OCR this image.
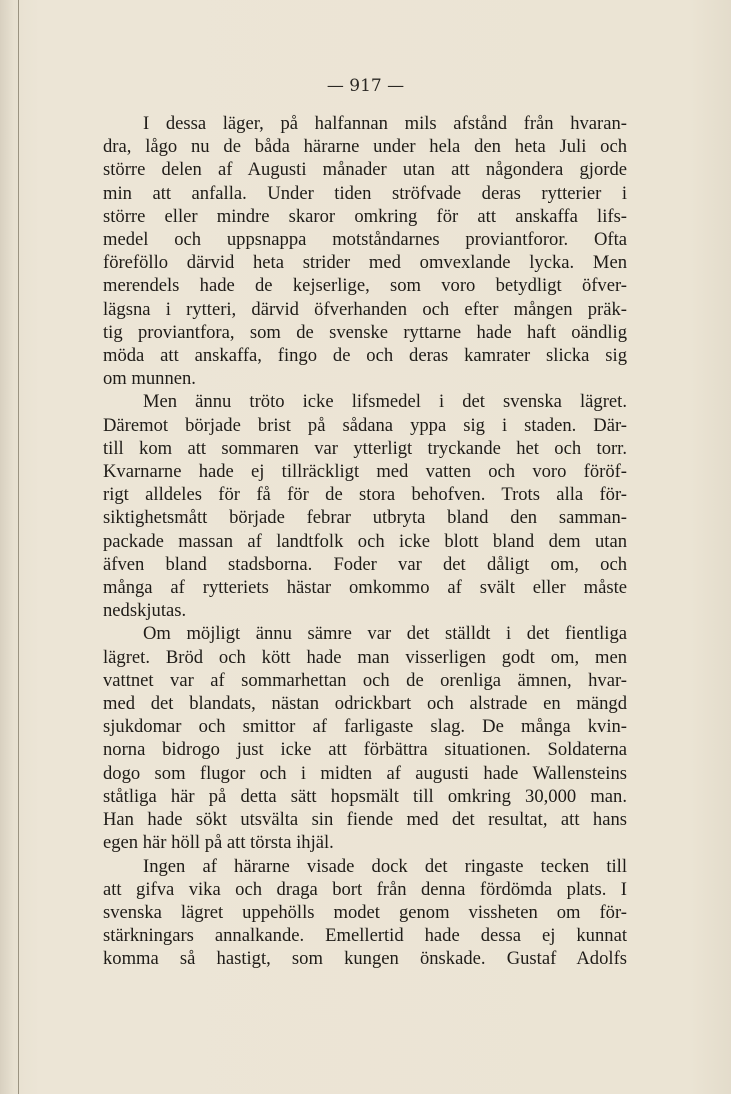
— 917 —

I dessa läger, på halfannan mils afstånd från hvaran-
dra, lågo nu de båda härarne under hela den heta Juli och
större delen af Augusti månader utan att någondera gjorde
min att anfalla. Under tiden ströfvade deras rytterier i
större eller mindre skaror omkring för att anskaffa lifs-
medel och uppsnappa motståndarnes proviantforor. Ofta
föreföllo därvid heta strider med omvexlande lycka. Men
merendels hade de kejserlige, som voro betydligt öfver-
lägsna i rytteri, därvid öfverhanden och efter mången präk-
tig proviantfora, som de svenske ryttarne hade haft oändlig
möda att anskaffa, fingo de och deras kamrater slicka sig
om munnen.

Men ännu tröto icke lifsmedel i det svenska lägret.
Däremot började brist på sådana yppa sig i staden. Där-
till kom att sommaren var ytterligt tryckande het och torr.
Kvarnarne hade ej tillräckligt med vatten och voro föröf-
rigt alldeles för få för de stora behofven. Trots alla för-
siktighetsmått började febrar utbryta bland den samman-
packade massan af landtfolk och icke blott bland dem utan
äfven bland stadsborna. Foder var det dåligt om, och
många af rytteriets hästar omkommo af svält eller måste
nedskjutas.

Om möjligt ännu sämre var det ställdt i det fientliga
lägret. Bröd och kött hade man visserligen godt om, men
vattnet var af sommarhettan och de orenliga ämnen, hvar-
med det blandats, nästan odrickbart och alstrade en mängd
sjukdomar och smittor af farligaste slag. De många kvin-
norna bidrogo just icke att förbättra situationen. Soldaterna
dogo som flugor och i midten af augusti hade Wallensteins
ståtliga här på detta sätt hopsmält till omkring 30,000 man.
Han hade sökt utsvälta sin fiende med det resultat, att hans
egen här höll på att törsta ihjäl.

Ingen af härarne visade dock det ringaste tecken till
att gifva vika och draga bort från denna fördömda plats. I
svenska lägret uppehölls modet genom vissheten om för-
stärkningars annalkande. Emellertid hade dessa ej kunnat
komma så hastigt, som kungen önskade. Gustaf Adolfs
